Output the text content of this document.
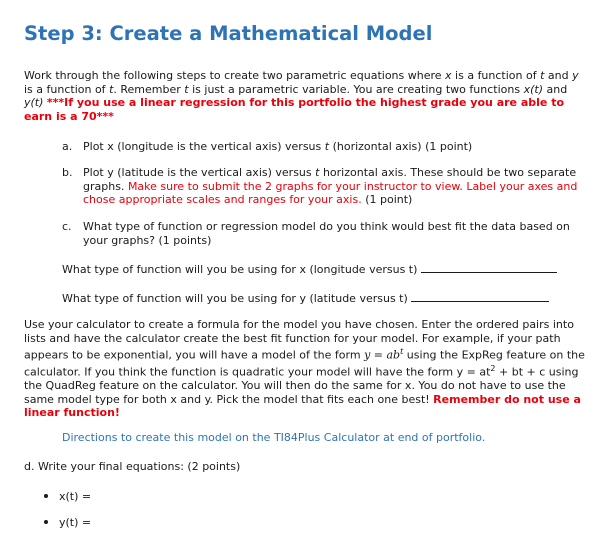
Step 3: Create a Mathematical Model

Work through the following steps to create two parametric equations where x is a function of t and y is a function of t. Remember t is just a parametric variable. You are creating two functions x(t) and y(t) ***If you use a linear regression for this portfolio the highest grade you are able to earn is a 70***

a. Plot x (longitude is the vertical axis) versus t (horizontal axis) (1 point)

b. Plot y (latitude is the vertical axis) versus t horizontal axis. These should be two separate graphs. Make sure to submit the 2 graphs for your instructor to view. Label your axes and chose appropriate scales and ranges for your axis. (1 point)

c. What type of function or regression model do you think would best fit the data based on your graphs? (1 points)

What type of function will you be using for x (longitude versus t)

What type of function will you be using for y (latitude versus t)

Use your calculator to create a formula for the model you have chosen. Enter the ordered pairs into lists and have the calculator create the best fit function for your model. For example, if your path appears to be exponential, you will have a model of the form $y = ab^t$ using the ExpReg feature on the calculator. If you think the function is quadratic your model will have the form $y = at^2$ + bt + c using the QuadReg feature on the calculator. You will then do the same for x. You do not have to use the same model type for both x and y. Pick the model that fits each one best! Remember do not use a linear function!

Directions to create this model on the TI84Plus Calculator at end of portfolio.

d. Write your final equations: (2 points)

x(t) =

y(t) =
